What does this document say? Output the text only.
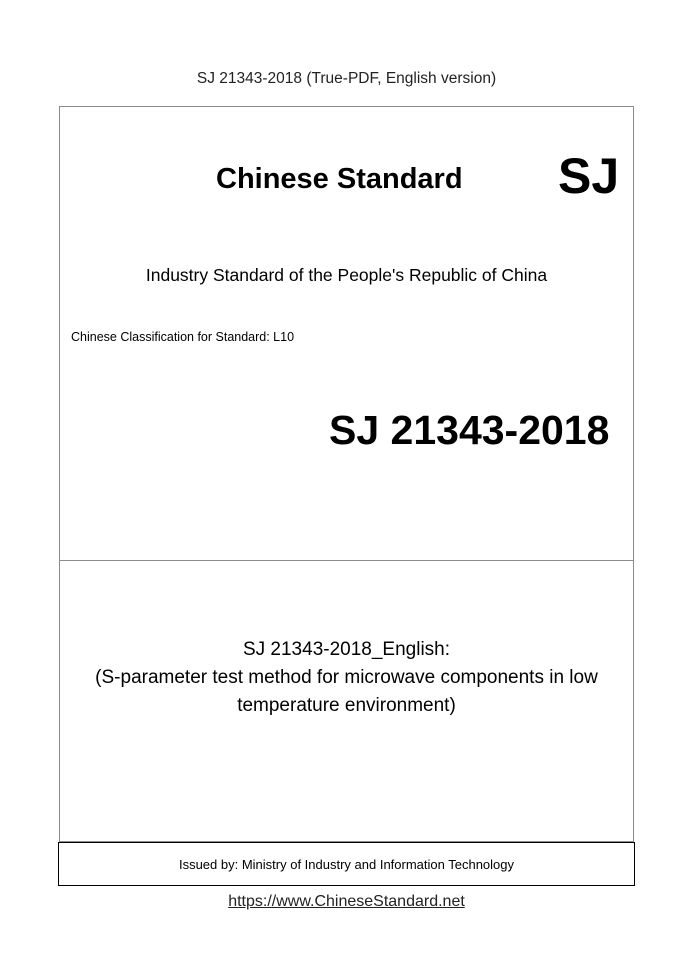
SJ 21343-2018 (True-PDF, English version)
Chinese Standard SJ
Industry Standard of the People's Republic of China
Chinese Classification for Standard: L10
SJ 21343-2018
SJ 21343-2018_English:
(S-parameter test method for microwave components in low
temperature environment)
Issued by: Ministry of Industry and Information Technology
https://www.ChineseStandard.net
